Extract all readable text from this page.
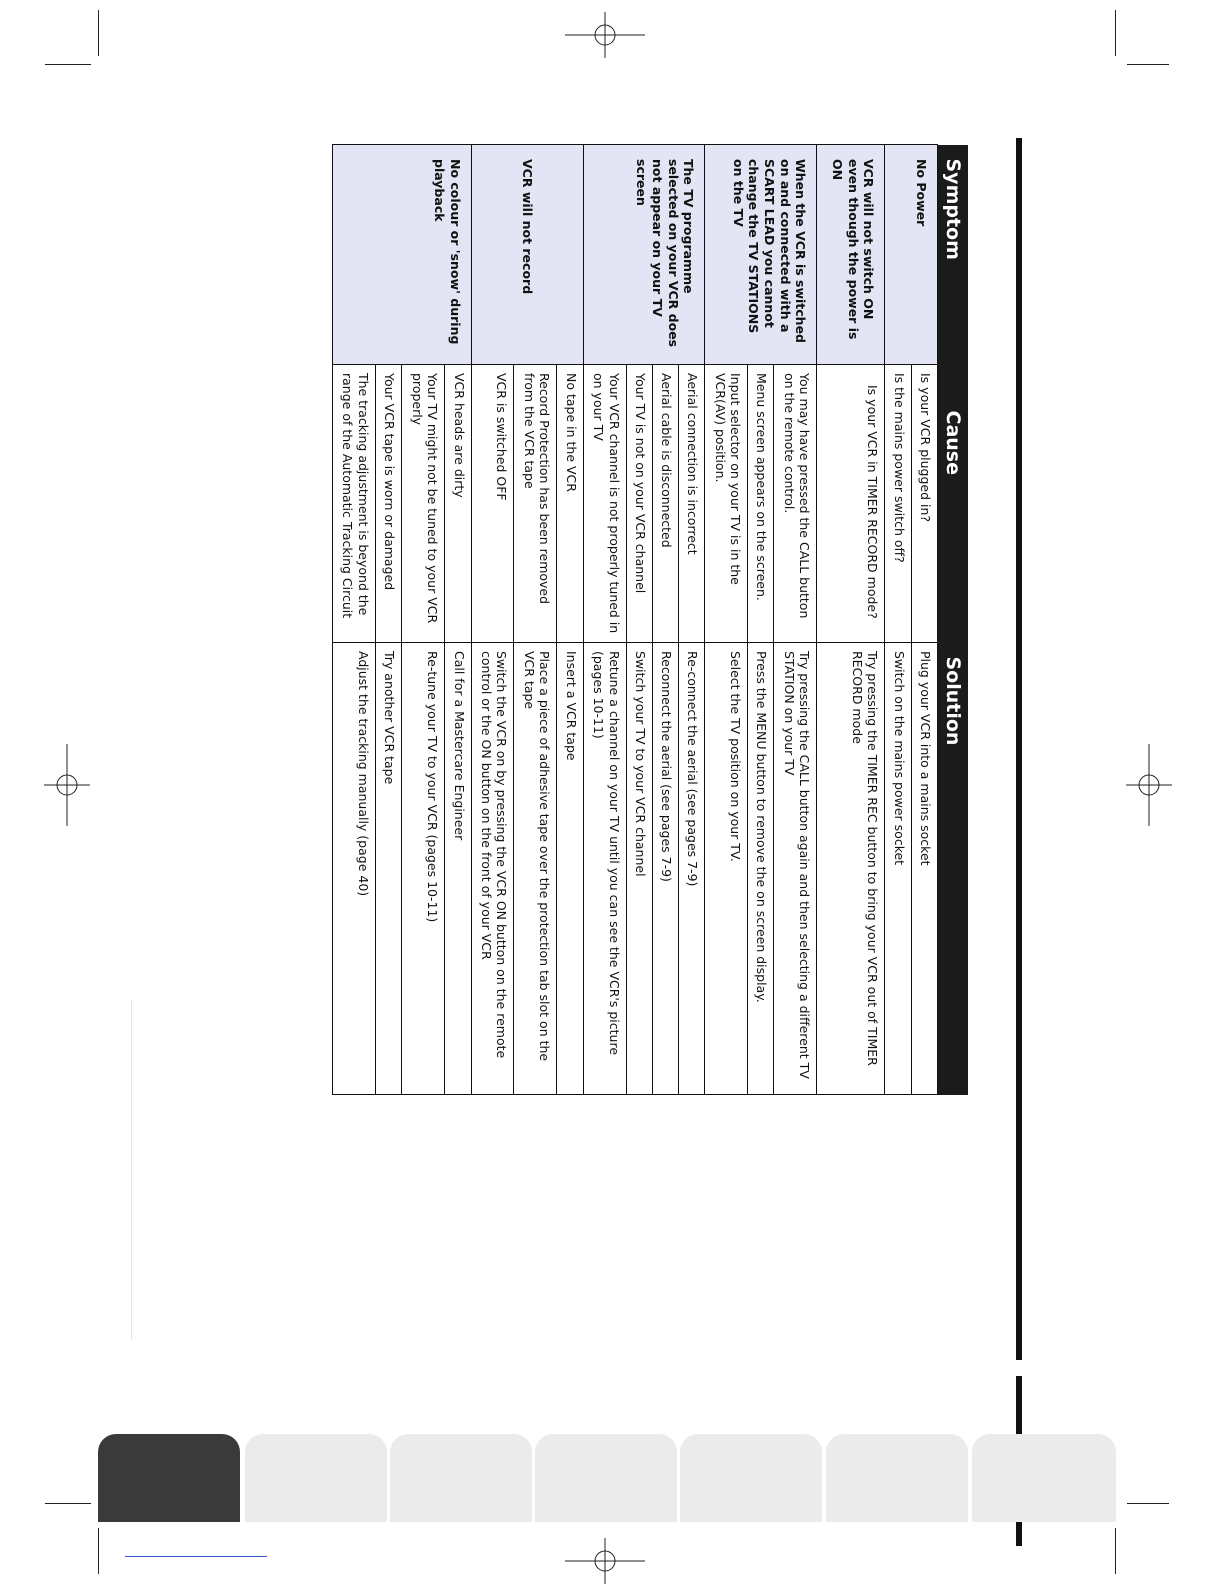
Symptom	Cause	Solution
No Power	Is your VCR plugged in?	Plug your VCR into a mains socket
	Is the mains power switch off?	Switch on the mains power socket
VCR will not switch ON even though the power is ON	Is your VCR in TIMER RECORD mode?	Try pressing the TIMER REC button to bring your VCR out of TIMER RECORD mode
When the VCR is switched on and connected with a SCART LEAD you cannot change the TV STATIONS on the TV	You may have pressed the CALL button on the remote control.	Try pressing the CALL button again and then selecting a different TV STATION on your TV
	Menu screen appears on the screen.	Press the MENU button to remove the on screen display.
	Input selector on your TV is in the VCR(AV) position.	Select the TV position on your TV.
The TV programme selected on your VCR does not appear on your TV screen	Aerial connection is incorrect	Re-connect the aerial (see pages 7-9)
	Aerial cable is disconnected	Reconnect the aerial (see pages 7-9)
	Your TV is not on your VCR channel	Switch your TV to your VCR channel
	Your VCR channel is not properly tuned in on your TV	Retune a channel on your TV until you can see the VCR's picture (pages 10-11)
VCR will not record	No tape in the VCR	Insert a VCR tape
	Record Protection has been removed from the VCR tape	Place a piece of adhesive tape over the protection tab slot on the VCR tape
	VCR is switched OFF	Switch the VCR on by pressing the VCR ON button on the remote control or the ON button on the front of your VCR
No colour or 'snow' during playback	VCR heads are dirty	Call for a Mastercare Engineer
	Your TV might not be tuned to your VCR properly	Re-tune your TV to your VCR (pages 10-11)
	Your VCR tape is worn or damaged	Try another VCR tape
	The tracking adjustment is beyond the range of the Automatic Tracking Circuit	Adjust the tracking manually (page 40)
